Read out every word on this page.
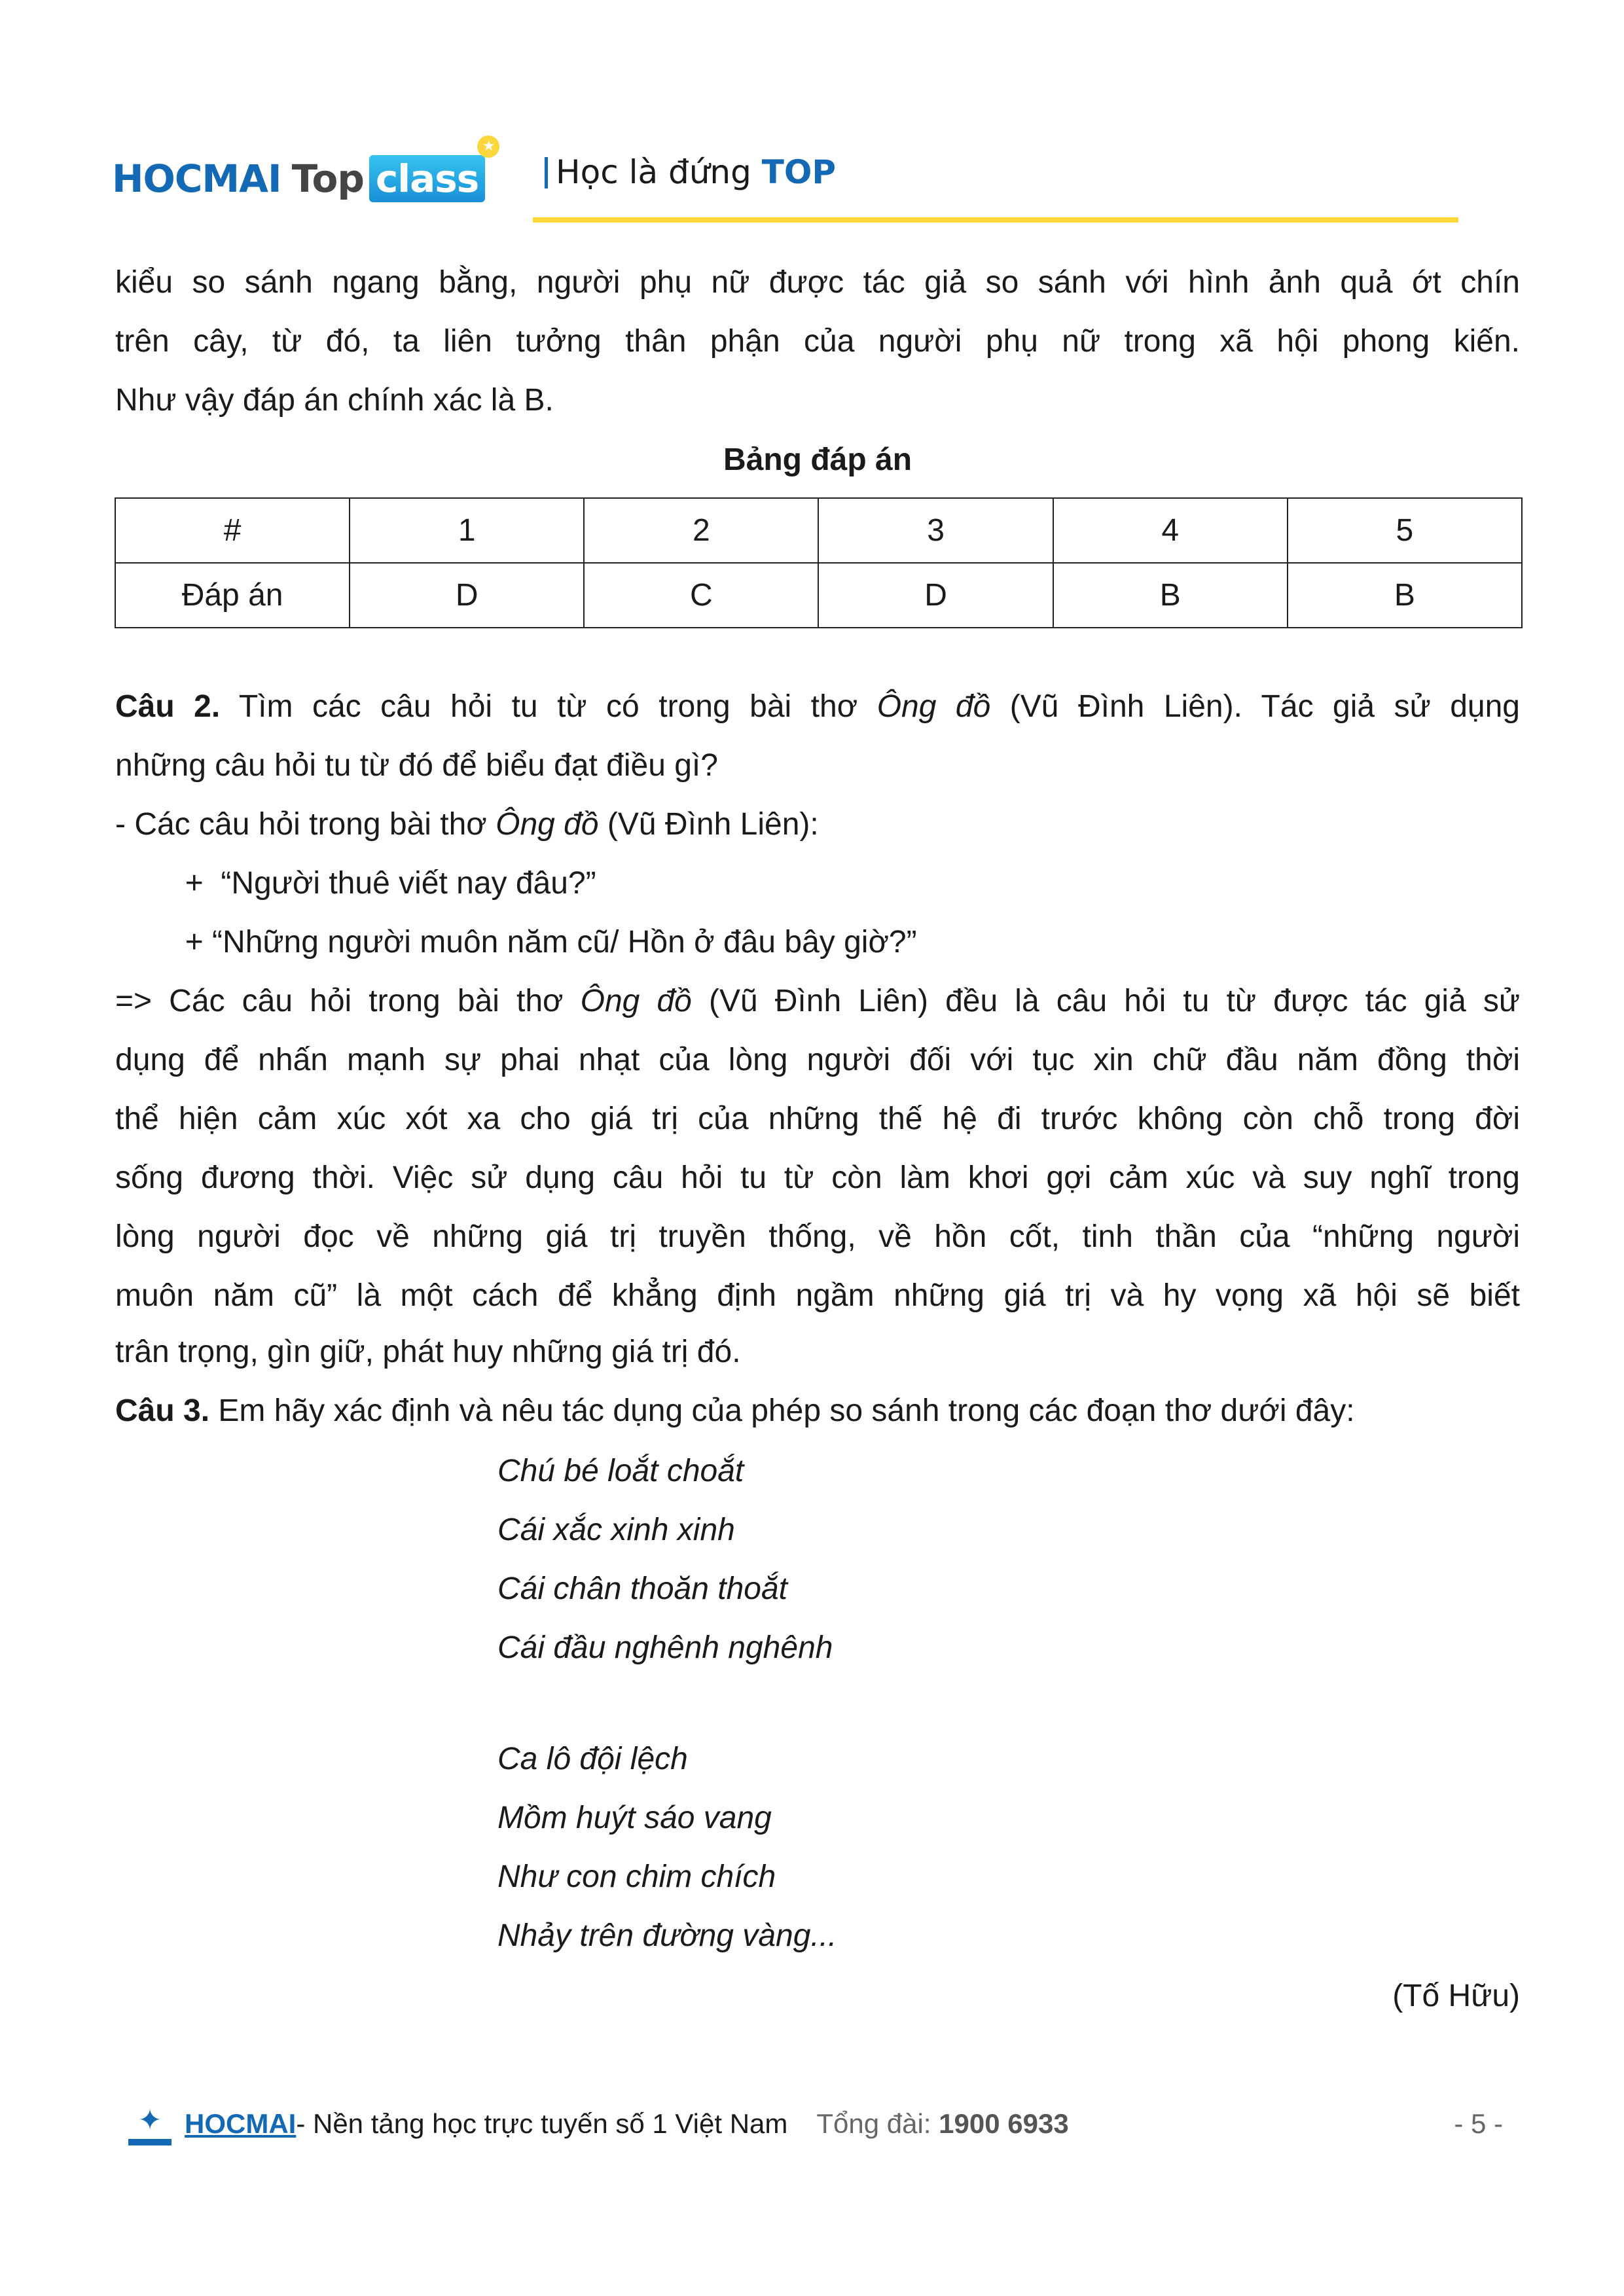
HOCMAI Top class
★
Học là đứng TOP
HOCMAI Top class
kiểu so sánh ngang bằng, người phụ nữ được tác giả so sánh với hình ảnh quả ớt chín
trên cây, từ đó, ta liên tưởng thân phận của người phụ nữ trong xã hội phong kiến.
Như vậy đáp án chính xác là B.
Bảng đáp án
#	1	2	3	4	5
Đáp án	D	C	D	B	B
Câu 2. Tìm các câu hỏi tu từ có trong bài thơ Ông đồ (Vũ Đình Liên). Tác giả sử dụng
những câu hỏi tu từ đó để biểu đạt điều gì?
- Các câu hỏi trong bài thơ Ông đồ (Vũ Đình Liên):
+  “Người thuê viết nay đâu?”
+ “Những người muôn năm cũ/ Hồn ở đâu bây giờ?”
=> Các câu hỏi trong bài thơ Ông đồ (Vũ Đình Liên) đều là câu hỏi tu từ được tác giả sử
dụng để nhấn mạnh sự phai nhạt của lòng người đối với tục xin chữ đầu năm đồng thời
thể hiện cảm xúc xót xa cho giá trị của những thế hệ đi trước không còn chỗ trong đời
sống đương thời. Việc sử dụng câu hỏi tu từ còn làm khơi gợi cảm xúc và suy nghĩ trong
lòng người đọc về những giá trị truyền thống, về hồn cốt, tinh thần của “những người
muôn năm cũ” là một cách để khẳng định ngầm những giá trị và hy vọng xã hội sẽ biết
trân trọng, gìn giữ, phát huy những giá trị đó.
Câu 3. Em hãy xác định và nêu tác dụng của phép so sánh trong các đoạn thơ dưới đây:
Chú bé loắt choắt
Cái xắc xinh xinh
Cái chân thoăn thoắt
Cái đầu nghênh nghênh
Ca lô đội lệch
Mồm huýt sáo vang
Như con chim chích
Nhảy trên đường vàng...
(Tố Hữu)
✦ HOCMAI - Nền tảng học trực tuyến số 1 Việt Nam Tổng đài: 1900 6933	- 5 -
